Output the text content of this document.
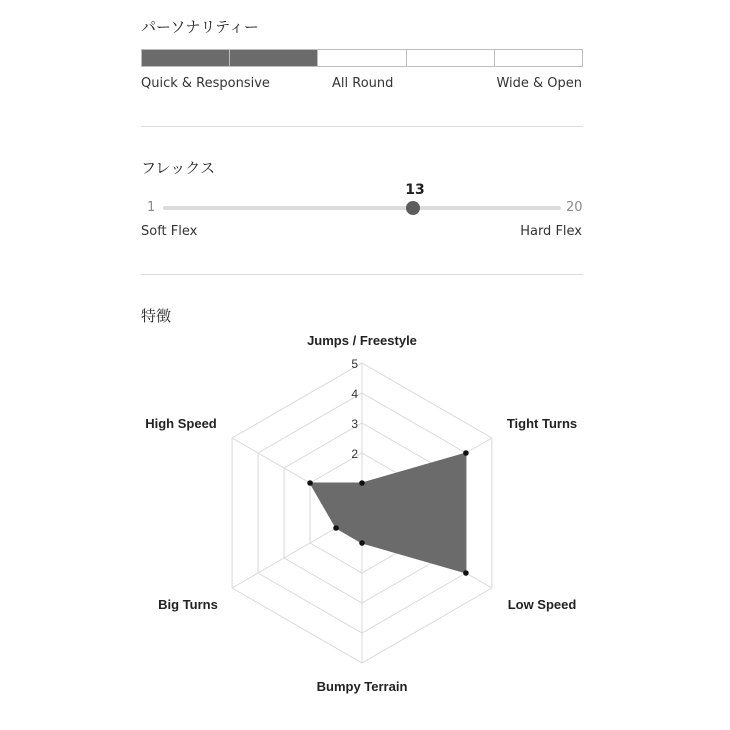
パーソナリティー
Quick & Responsive	All Round	Wide & Open
フレックス
13
1	20
Soft Flex	Hard Flex
特徴
2
3
4
5
Jumps / Freestyle
Tight Turns
Low Speed
Bumpy Terrain
Big Turns
High Speed
